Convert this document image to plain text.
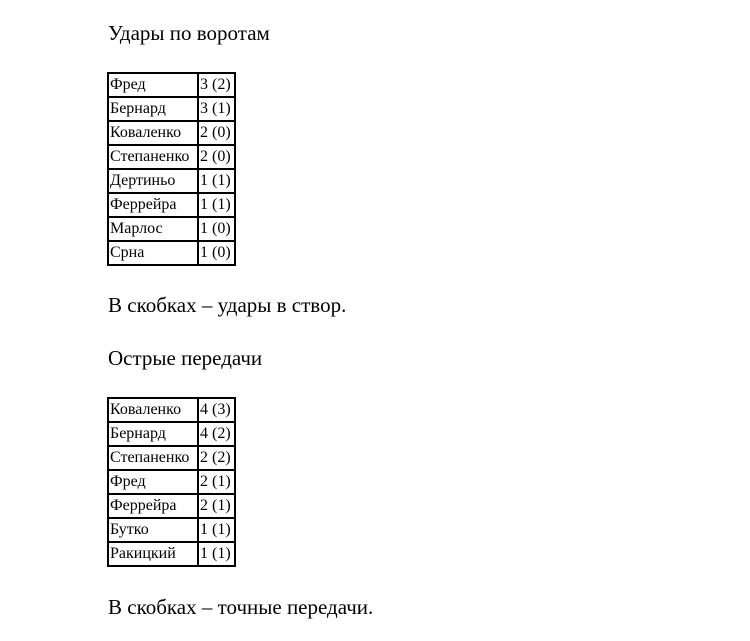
Удары по воротам
Фред	3 (2)
Бернард	3 (1)
Коваленко	2 (0)
Степаненко	2 (0)
Дертиньо	1 (1)
Феррейра	1 (1)
Марлос	1 (0)
Срна	1 (0)

В скобках – удары в створ.

Острые передачи
Коваленко	4 (3)
Бернард	4 (2)
Степаненко	2 (2)
Фред	2 (1)
Феррейра	2 (1)
Бутко	1 (1)
Ракицкий	1 (1)

В скобках – точные передачи.
